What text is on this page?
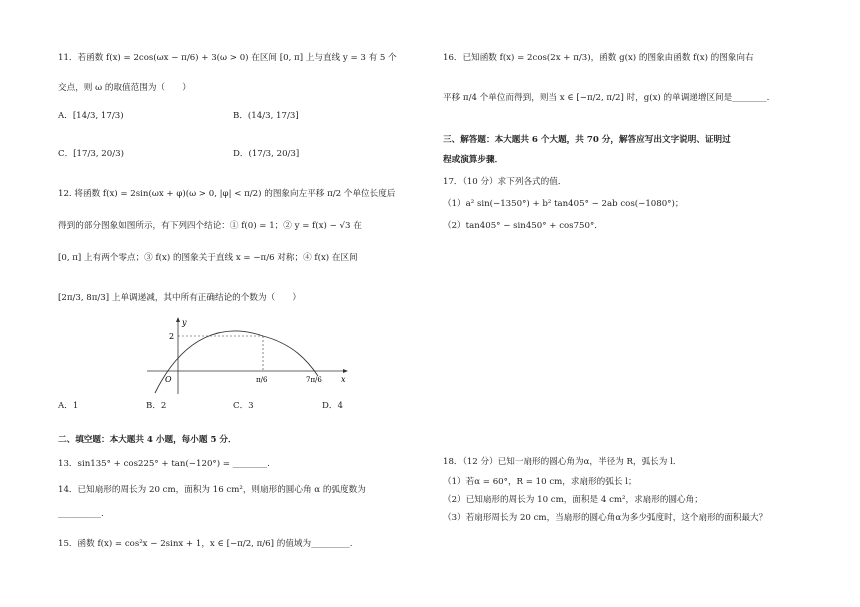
11．若函数 f(x) = 2cos(ωx − π/6) + 3(ω > 0) 在区间 [0, π] 上与直线 y = 3 有 5 个
交点，则 ω 的取值范围为（　　）
A．[14/3, 17/3)	B．(14/3, 17/3]
C．[17/3, 20/3)	D．(17/3, 20/3]
12. 将函数 f(x) = 2sin(ωx + φ)(ω > 0, |φ| < π/2) 的图象向左平移 π/2 个单位长度后
得到的部分图象如图所示，有下列四个结论：① f(0) = 1；② y = f(x) − √3 在
[0, π] 上有两个零点；③ f(x) 的图象关于直线 x = −π/6 对称；④ f(x) 在区间
[2π/3, 8π/3] 上单调递减，其中所有正确结论的个数为（　　）
y
x
O
2
π/6	7π/6
A．1	B．2	C．3	D．4
二、填空题：本大题共 4 小题，每小题 5 分．
13．sin135° + cos225° + tan(−120°) = ________.
14．已知扇形的周长为 20 cm，面积为 16 cm²，则扇形的圆心角 α 的弧度数为
__________.
15．函数 f(x) = cos²x − 2sinx + 1，x ∈ [−π/2, π/6] 的值域为_________.
16．已知函数 f(x) = 2cos(2x + π/3)，函数 g(x) 的图象由函数 f(x) 的图象向右
平移 π/4 个单位而得到，则当 x ∈ [−π/2, π/2] 时，g(x) 的单调递增区间是________.
三、解答题：本大题共 6 个大题，共 70 分，解答应写出文字说明、证明过
程或演算步骤．
17．（10 分）求下列各式的值．
（1）a² sin(−1350°) + b² tan405° − 2ab cos(−1080°)；
（2）tan405° − sin450° + cos750°．
18．（12 分）已知一扇形的圆心角为α，半径为 R，弧长为 l．
（1）若α = 60°，R = 10 cm，求扇形的弧长 l；
（2）已知扇形的周长为 10 cm，面积是 4 cm²，求扇形的圆心角；
（3）若扇形周长为 20 cm，当扇形的圆心角α为多少弧度时，这个扇形的面积最大？
